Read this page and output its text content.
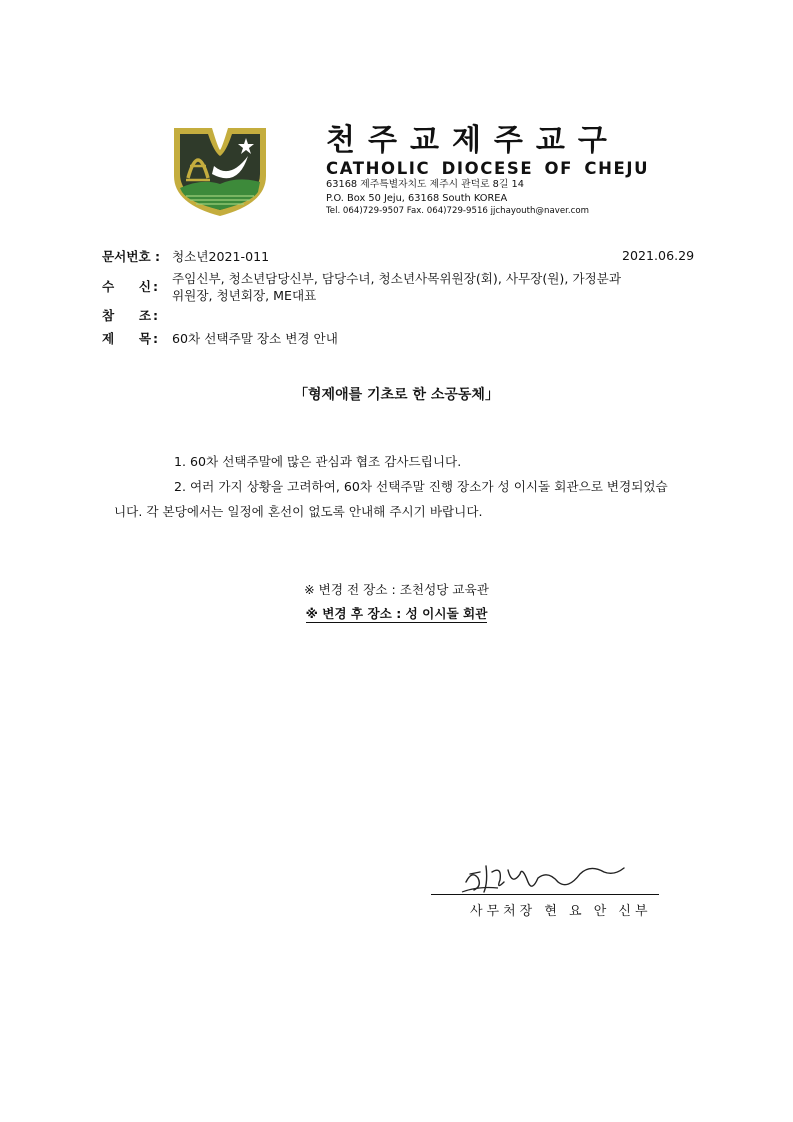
천주교제주교구
CATHOLIC DIOCESE OF CHEJU
63168 제주특별자치도 제주시 관덕로 8길 14
P.O. Box 50 Jeju, 63168 South KOREA
Tel. 064)729-9507 Fax. 064)729-9516 jjchayouth@naver.com
문서번호 : 청소년2021-011	2021.06.29
수 신 :
주임신부, 청소년담당신부, 담당수녀, 청소년사목위원장(회), 사무장(원), 가정분과
위원장, 청년회장, ME대표
참 조 :
제 목 : 60차 선택주말 장소 변경 안내
「형제애를 기초로 한 소공동체」
1. 60차 선택주말에 많은 관심과 협조 감사드립니다.
2. 여러 가지 상황을 고려하여, 60차 선택주말 진행 장소가 성 이시돌 회관으로 변경되었습
니다. 각 본당에서는 일정에 혼선이 없도록 안내해 주시기 바랍니다.
※ 변경 전 장소 : 조천성당 교육관
※ 변경 후 장소 : 성 이시돌 회관
사무처장 현 요 안 신부
